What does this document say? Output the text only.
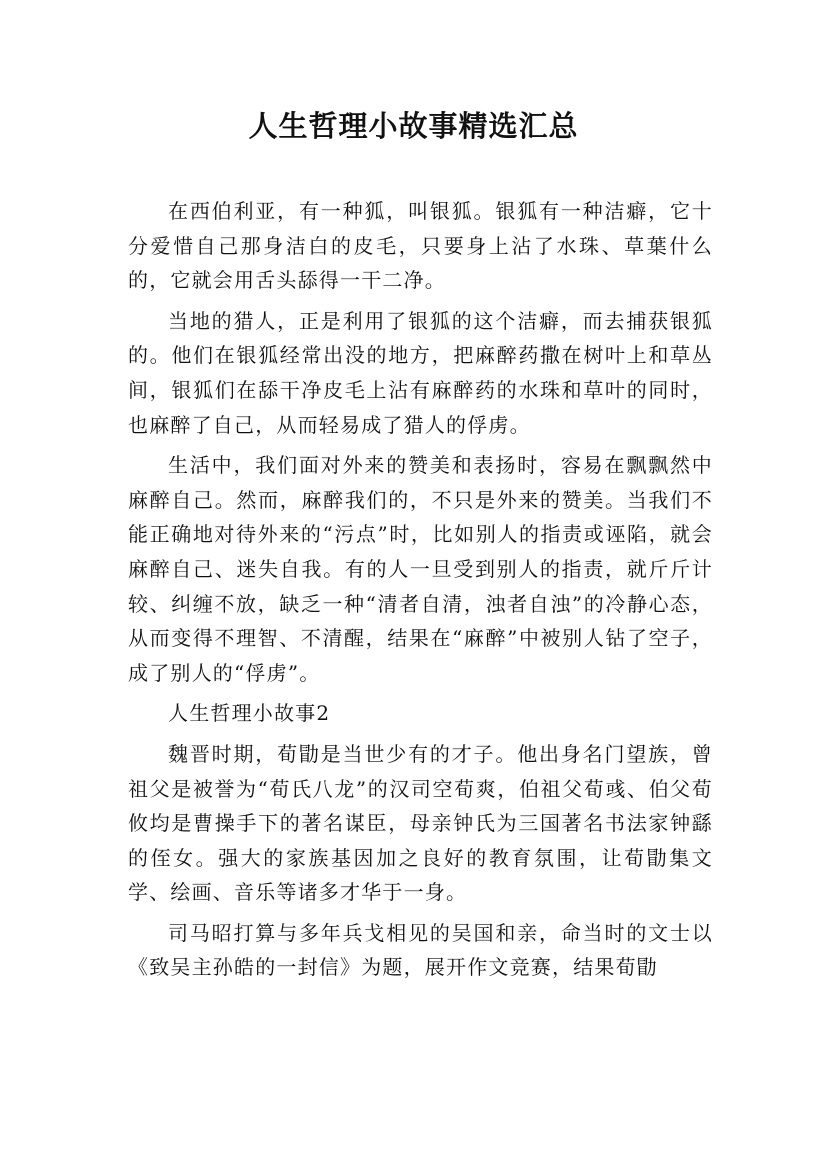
人生哲理小故事精选汇总

在西伯利亚，有一种狐，叫银狐。银狐有一种洁癖，它十分爱惜自己那身洁白的皮毛，只要身上沾了水珠、草葉什么的，它就会用舌头舔得一干二净。

当地的猎人，正是利用了银狐的这个洁癖，而去捕获银狐的。他们在银狐经常出没的地方，把麻醉药撒在树叶上和草丛间，银狐们在舔干净皮毛上沾有麻醉药的水珠和草叶的同时，也麻醉了自己，从而轻易成了猎人的俘虏。

生活中，我们面对外来的赞美和表扬时，容易在飘飘然中麻醉自己。然而，麻醉我们的，不只是外来的赞美。当我们不能正确地对待外来的“污点”时，比如别人的指责或诬陷，就会麻醉自己、迷失自我。有的人一旦受到别人的指责，就斤斤计较、纠缠不放，缺乏一种“清者自清，浊者自浊”的冷静心态，从而变得不理智、不清醒，结果在“麻醉”中被别人钻了空子，成了别人的“俘虏”。

人生哲理小故事2

魏晋时期，荀勖是当世少有的才子。他出身名门望族，曾祖父是被誉为“荀氏八龙”的汉司空荀爽，伯祖父荀彧、伯父荀攸均是曹操手下的著名谋臣，母亲钟氏为三国著名书法家钟繇的侄女。强大的家族基因加之良好的教育氛围，让荀勖集文学、绘画、音乐等诸多才华于一身。

司马昭打算与多年兵戈相见的吴国和亲，命当时的文士以《致吴主孙皓的一封信》为题，展开作文竞赛，结果荀勖
